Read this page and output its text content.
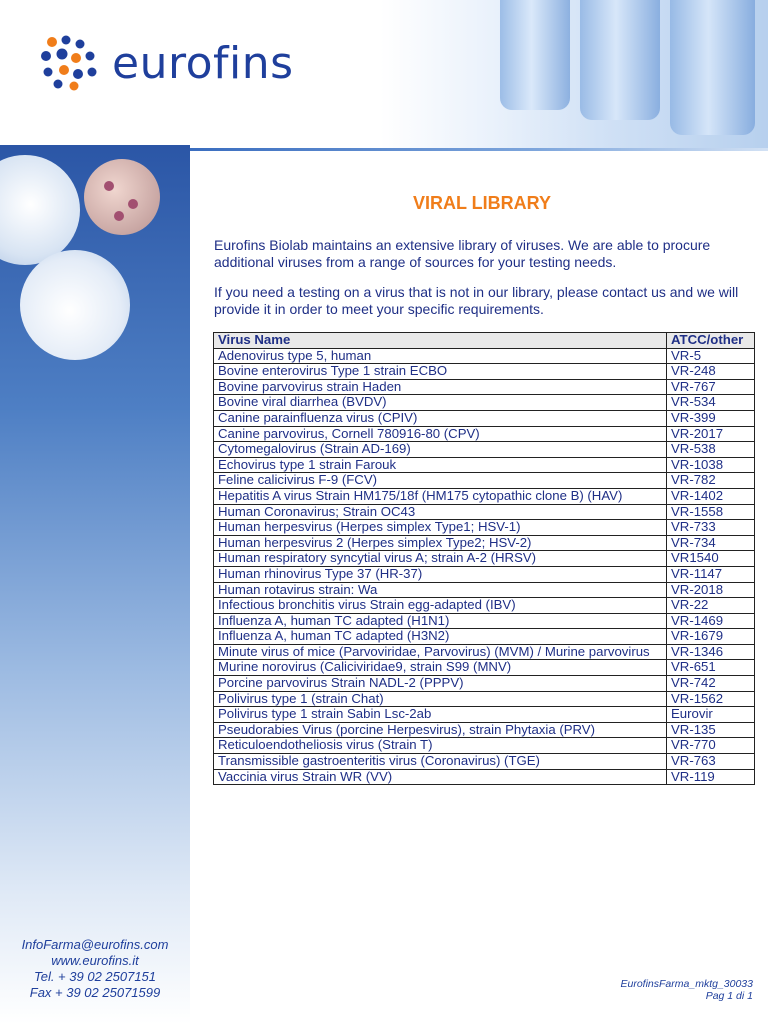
eurofins
VIRAL LIBRARY

Eurofins Biolab maintains an extensive library of viruses. We are able to procure additional viruses from a range of sources for your testing needs.

If you need a testing on a virus that is not in our library, please contact us and we will provide it in order to meet your specific requirements.

Virus Name	ATCC/other
Adenovirus type 5, human	VR-5
Bovine enterovirus Type 1 strain ECBO	VR-248
Bovine parvovirus strain Haden	VR-767
Bovine viral diarrhea (BVDV)	VR-534
Canine parainfluenza virus (CPIV)	VR-399
Canine parvovirus, Cornell 780916-80 (CPV)	VR-2017
Cytomegalovirus (Strain AD-169)	VR-538
Echovirus type 1 strain Farouk	VR-1038
Feline calicivirus F-9 (FCV)	VR-782
Hepatitis A virus Strain HM175/18f (HM175 cytopathic clone B) (HAV)	VR-1402
Human Coronavirus; Strain OC43	VR-1558
Human herpesvirus (Herpes simplex Type1; HSV-1)	VR-733
Human herpesvirus 2 (Herpes simplex Type2; HSV-2)	VR-734
Human respiratory syncytial virus A; strain A-2 (HRSV)	VR1540
Human rhinovirus Type 37 (HR-37)	VR-1147
Human rotavirus strain: Wa	VR-2018
Infectious bronchitis virus Strain egg-adapted (IBV)	VR-22
Influenza A, human TC adapted (H1N1)	VR-1469
Influenza A, human TC adapted (H3N2)	VR-1679
Minute virus of mice (Parvoviridae, Parvovirus) (MVM) / Murine parvovirus	VR-1346
Murine norovirus (Caliciviridae9, strain S99 (MNV)	VR-651
Porcine parvovirus Strain NADL-2 (PPPV)	VR-742
Polivirus type 1 (strain Chat)	VR-1562
Polivirus type 1 strain Sabin Lsc-2ab	Eurovir
Pseudorabies Virus (porcine Herpesvirus), strain Phytaxia (PRV)	VR-135
Reticuloendotheliosis virus (Strain T)	VR-770
Transmissible gastroenteritis virus (Coronavirus) (TGE)	VR-763
Vaccinia virus Strain WR (VV)	VR-119
InfoFarma@eurofins.com
www.eurofins.it
Tel. + 39 02 2507151
Fax + 39 02 25071599
EurofinsFarma_mktg_30033
Pag 1 di 1
